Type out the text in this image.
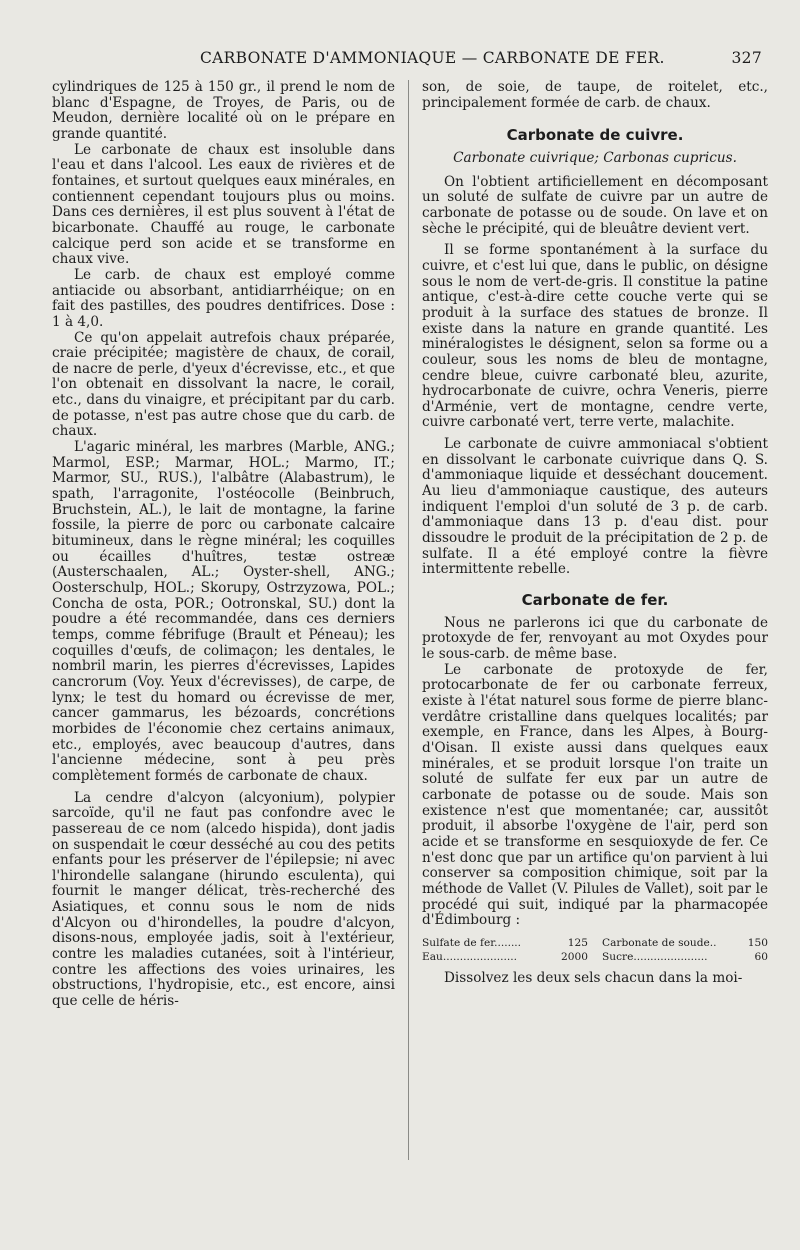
CARBONATE D'AMMONIAQUE — CARBONATE DE FER.	327

cylindriques de 125 à 150 gr., il prend le nom de blanc d'Espagne, de Troyes, de Paris, ou de Meudon, dernière localité où on le prépare en grande quantité.

Le carbonate de chaux est insoluble dans l'eau et dans l'alcool. Les eaux de rivières et de fontaines, et surtout quelques eaux minérales, en contiennent cependant toujours plus ou moins. Dans ces dernières, il est plus souvent à l'état de bicarbonate. Chauffé au rouge, le carbonate calcique perd son acide et se transforme en chaux vive.

Le carb. de chaux est employé comme antiacide ou absorbant, antidiarrhéique; on en fait des pastilles, des poudres dentifrices. Dose : 1 à 4,0.

Ce qu'on appelait autrefois chaux préparée, craie précipitée; magistère de chaux, de corail, de nacre de perle, d'yeux d'écrevisse, etc., et que l'on obtenait en dissolvant la nacre, le corail, etc., dans du vinaigre, et précipitant par du carb. de potasse, n'est pas autre chose que du carb. de chaux.

L'agaric minéral, les marbres (Marble, ANG.; Marmol, ESP.; Marmar, HOL.; Marmo, IT.; Marmor, SU., RUS.), l'albâtre (Alabastrum), le spath, l'arragonite, l'ostéocolle (Beinbruch, Bruchstein, AL.), le lait de montagne, la farine fossile, la pierre de porc ou carbonate calcaire bitumineux, dans le règne minéral; les coquilles ou écailles d'huîtres, testæ ostreæ (Austerschaalen, AL.; Oyster-shell, ANG.; Oosterschulp, HOL.; Skorupy, Ostrzyzowa, POL.; Concha de osta, POR.; Ootronskal, SU.) dont la poudre a été recommandée, dans ces derniers temps, comme fébrifuge (Brault et Péneau); les coquilles d'œufs, de colimaçon; les dentales, le nombril marin, les pierres d'écrevisses, Lapides cancrorum (Voy. Yeux d'écrevisses), de carpe, de lynx; le test du homard ou écrevisse de mer, cancer gammarus, les bézoards, concrétions morbides de l'économie chez certains animaux, etc., employés, avec beaucoup d'autres, dans l'ancienne médecine, sont à peu près complètement formés de carbonate de chaux.

La cendre d'alcyon (alcyonium), polypier sarcoïde, qu'il ne faut pas confondre avec le passereau de ce nom (alcedo hispida), dont jadis on suspendait le cœur desséché au cou des petits enfants pour les préserver de l'épilepsie; ni avec l'hirondelle salangane (hirundo esculenta), qui fournit le manger délicat, très-recherché des Asiatiques, et connu sous le nom de nids d'Alcyon ou d'hirondelles, la poudre d'alcyon, disons-nous, employée jadis, soit à l'extérieur, contre les maladies cutanées, soit à l'intérieur, contre les affections des voies urinaires, les obstructions, l'hydropisie, etc., est encore, ainsi que celle de héris-

son, de soie, de taupe, de roitelet, etc., principalement formée de carb. de chaux.

Carbonate de cuivre.
Carbonate cuivrique; Carbonas cupricus.

On l'obtient artificiellement en décomposant un soluté de sulfate de cuivre par un autre de carbonate de potasse ou de soude. On lave et on sèche le précipité, qui de bleuâtre devient vert.

Il se forme spontanément à la surface du cuivre, et c'est lui que, dans le public, on désigne sous le nom de vert-de-gris. Il constitue la patine antique, c'est-à-dire cette couche verte qui se produit à la surface des statues de bronze. Il existe dans la nature en grande quantité. Les minéralogistes le désignent, selon sa forme ou a couleur, sous les noms de bleu de montagne, cendre bleue, cuivre carbonaté bleu, azurite, hydrocarbonate de cuivre, ochra Veneris, pierre d'Arménie, vert de montagne, cendre verte, cuivre carbonaté vert, terre verte, malachite.

Le carbonate de cuivre ammoniacal s'obtient en dissolvant le carbonate cuivrique dans Q. S. d'ammoniaque liquide et desséchant doucement. Au lieu d'ammoniaque caustique, des auteurs indiquent l'emploi d'un soluté de 3 p. de carb. d'ammoniaque dans 13 p. d'eau dist. pour dissoudre le produit de la précipitation de 2 p. de sulfate. Il a été employé contre la fièvre intermittente rebelle.

Carbonate de fer.

Nous ne parlerons ici que du carbonate de protoxyde de fer, renvoyant au mot Oxydes pour le sous-carb. de même base.

Le carbonate de protoxyde de fer, protocarbonate de fer ou carbonate ferreux, existe à l'état naturel sous forme de pierre blanc-verdâtre cristalline dans quelques localités; par exemple, en France, dans les Alpes, à Bourg-d'Oisan. Il existe aussi dans quelques eaux minérales, et se produit lorsque l'on traite un soluté de sulfate fer eux par un autre de carbonate de potasse ou de soude. Mais son existence n'est que momentanée; car, aussitôt produit, il absorbe l'oxygène de l'air, perd son acide et se transforme en sesquioxyde de fer. Ce n'est donc que par un artifice qu'on parvient à lui conserver sa composition chimique, soit par la méthode de Vallet (V. Pilules de Vallet), soit par le procédé qui suit, indiqué par la pharmacopée d'Édimbourg :

Sulfate de fer........	125 Carbonate de soude..	150
Eau......................	2000 Sucre......................	60

Dissolvez les deux sels chacun dans la moi-
